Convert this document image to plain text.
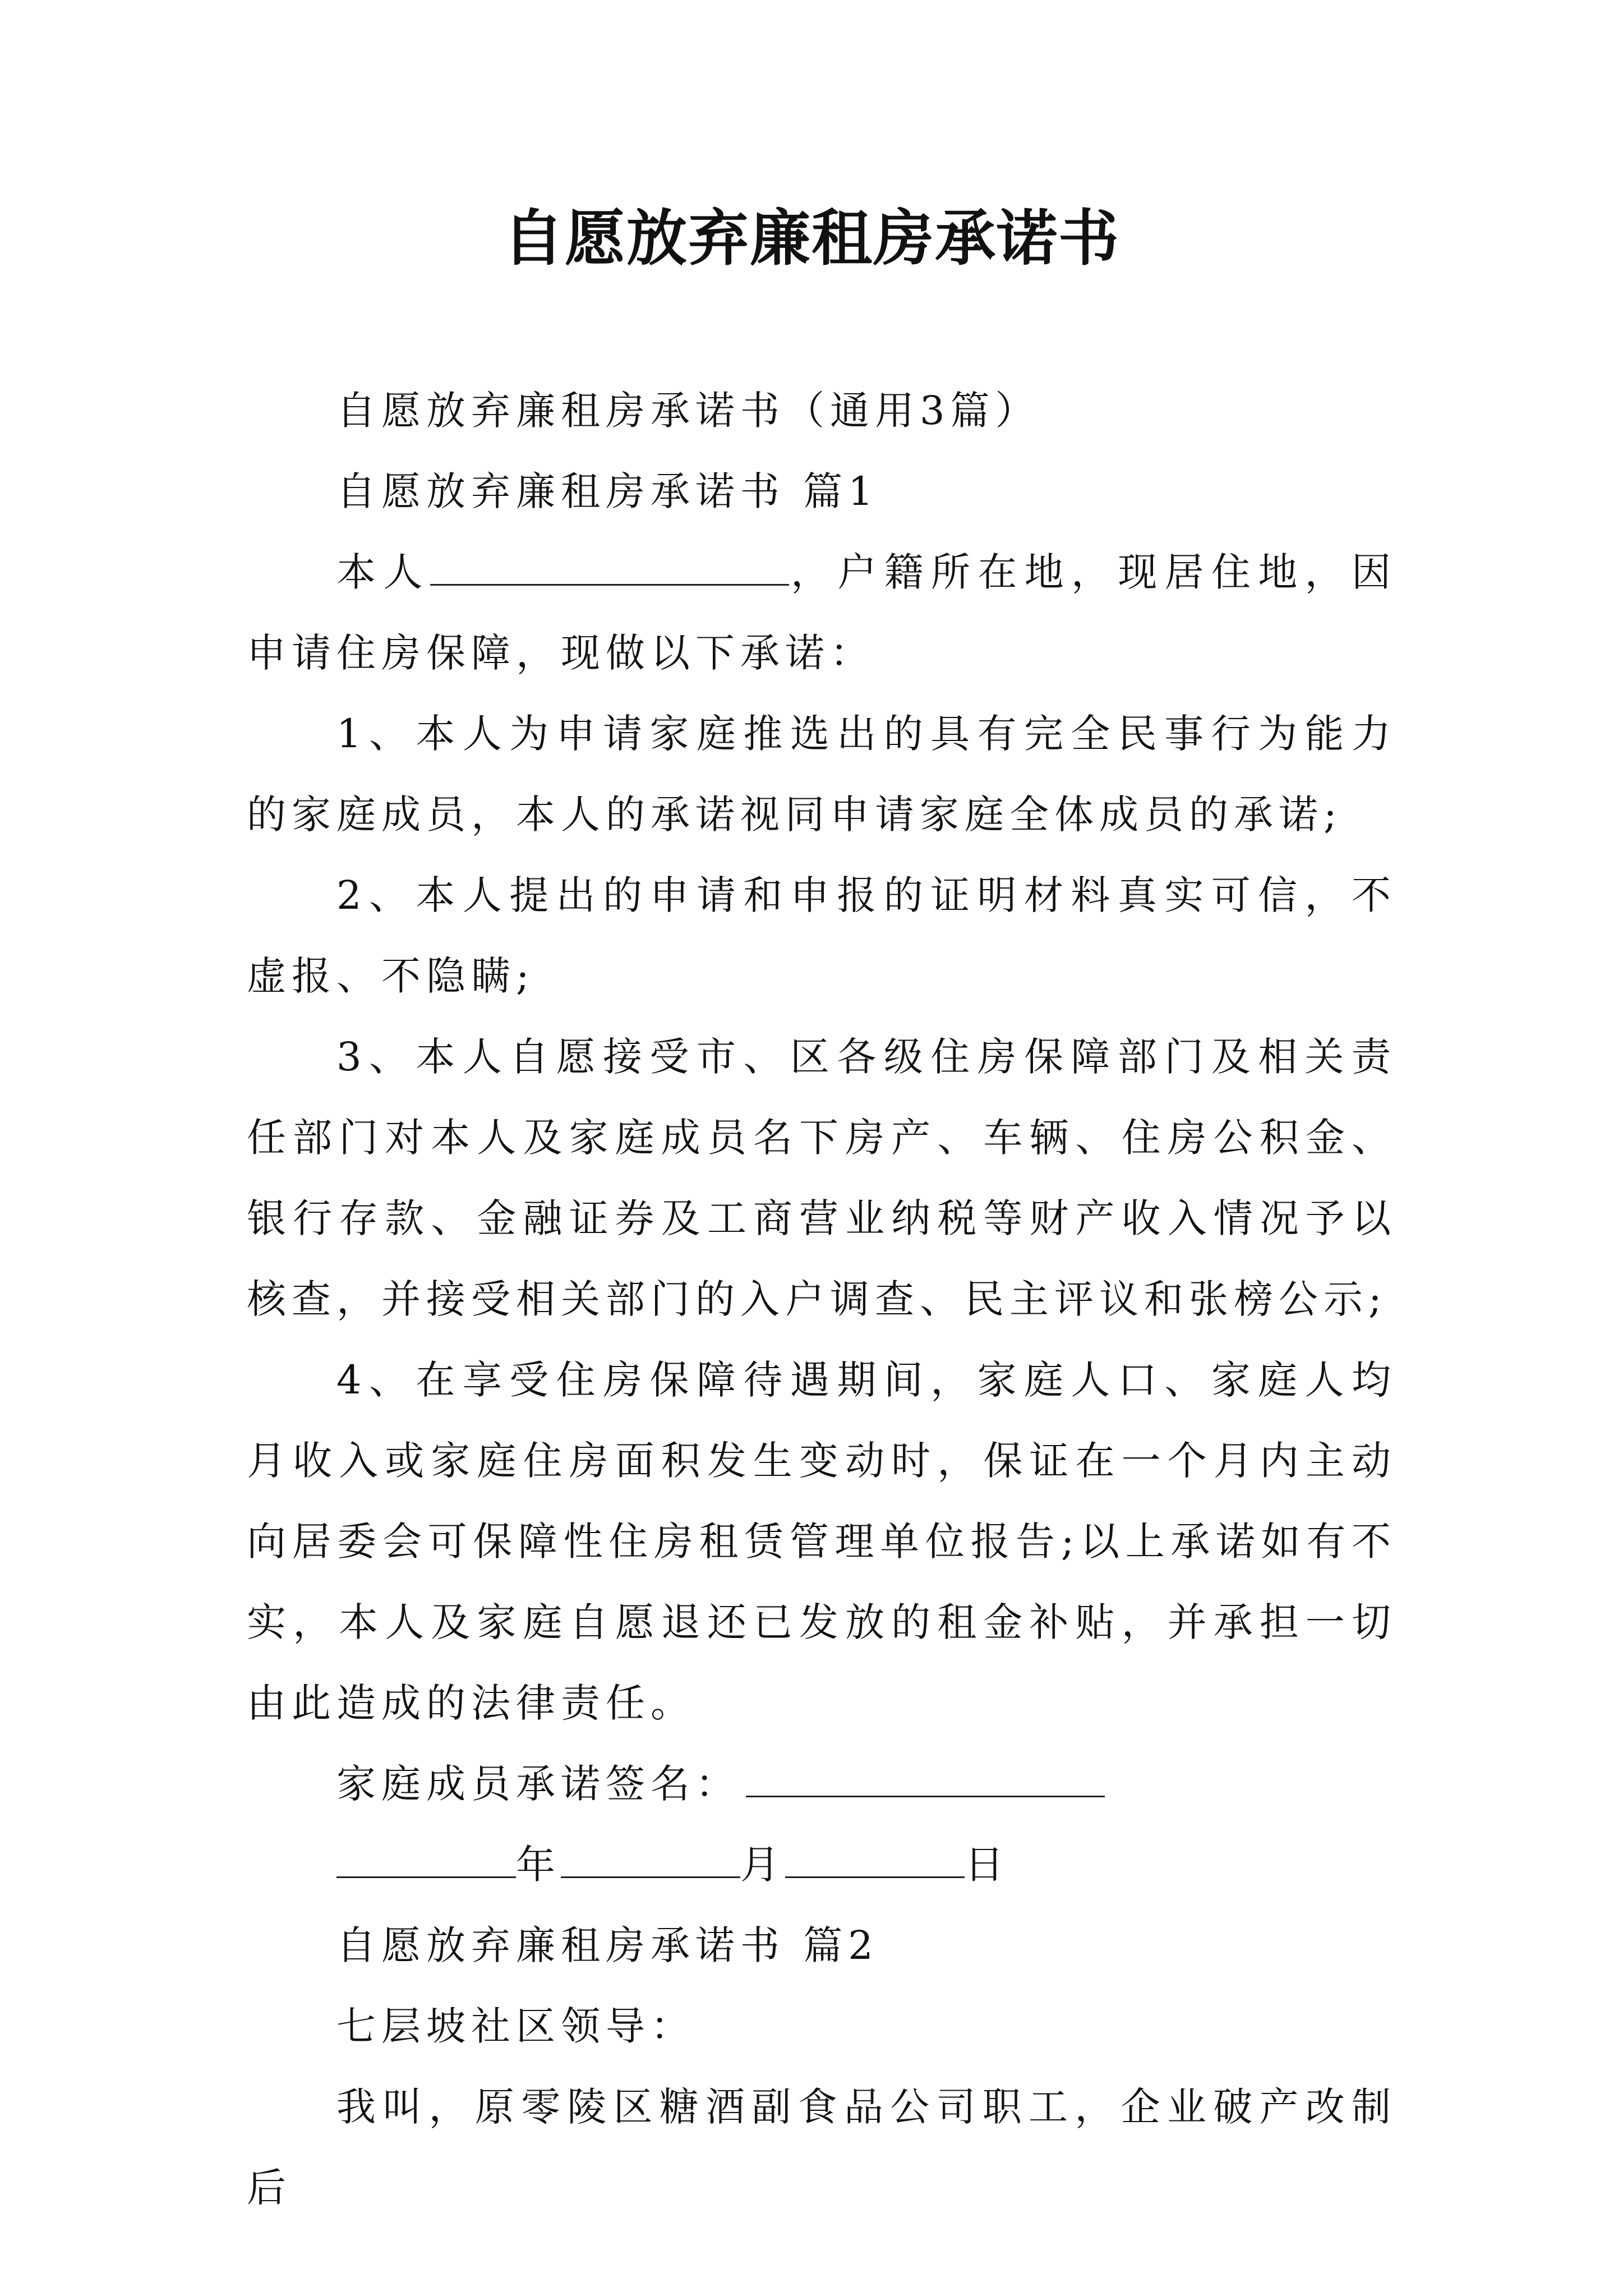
自愿放弃廉租房承诺书

自愿放弃廉租房承诺书（通用3篇）

自愿放弃廉租房承诺书 篇1

本人	，户籍所在地，现居住地，因申请住房保障，现做以下承诺：

1、本人为申请家庭推选出的具有完全民事行为能力的家庭成员，本人的承诺视同申请家庭全体成员的承诺;

2、本人提出的申请和申报的证明材料真实可信，不虚报、不隐瞒;

3、本人自愿接受市、区各级住房保障部门及相关责任部门对本人及家庭成员名下房产、车辆、住房公积金、银行存款、金融证券及工商营业纳税等财产收入情况予以核查，并接受相关部门的入户调查、民主评议和张榜公示;

4、在享受住房保障待遇期间，家庭人口、家庭人均月收入或家庭住房面积发生变动时，保证在一个月内主动向居委会可保障性住房租赁管理单位报告;以上承诺如有不实，本人及家庭自愿退还已发放的租金补贴，并承担一切由此造成的法律责任。

家庭成员承诺签名：

年	月	日

自愿放弃廉租房承诺书 篇2

七层坡社区领导：

我叫，原零陵区糖酒副食品公司职工，企业破产改制后
